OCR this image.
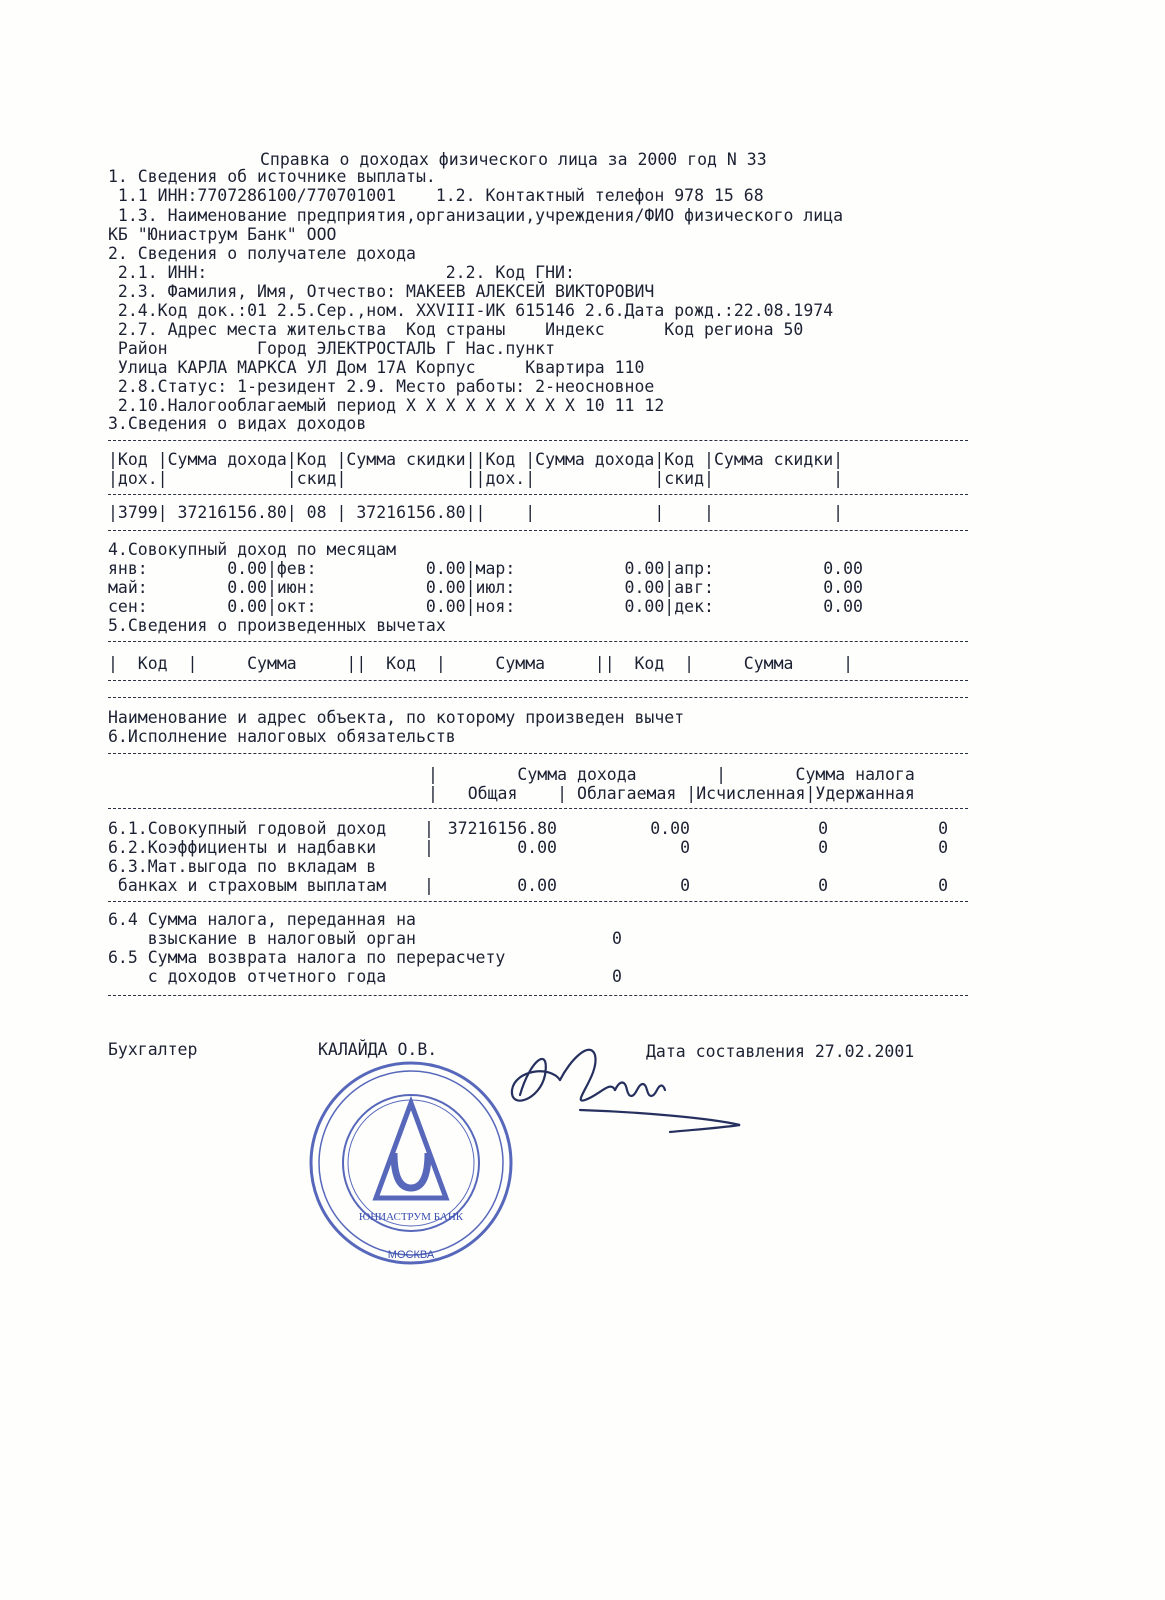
Справка о доходах физического лица за 2000 год N 33
1. Сведения об источнике выплаты.
1.1 ИНН:7707286100/770701001    1.2. Контактный телефон 978 15 68
1.3. Наименование предприятия,организации,учреждения/ФИО физического лица
КБ "Юниаструм Банк" ООО
2. Сведения о получателе дохода
2.1. ИНН:                        2.2. Код ГНИ:
2.3. Фамилия, Имя, Отчество: МАКЕЕВ АЛЕКСЕЙ ВИКТОРОВИЧ
2.4.Код док.:01 2.5.Сер.,ном. XXVIII-ИК 615146 2.6.Дата рожд.:22.08.1974
2.7. Адрес места жительства  Код страны    Индекс      Код региона 50
Район         Город ЭЛЕКТРОСТАЛЬ Г Нас.пункт
Улица КАРЛА МАРКСА УЛ Дом 17А Корпус     Квартира 110
2.8.Статус: 1-резидент 2.9. Место работы: 2-неосновное
2.10.Налогооблагаемый период X X X X X X X X X 10 11 12
3.Сведения о видах доходов
|Код |Сумма дохода|Код |Сумма скидки||Код |Сумма дохода|Код |Сумма скидки|
|дох.|            |скид|            ||дох.|            |скид|            |
|3799| 37216156.80| 08 | 37216156.80||    |            |    |            |
4.Совокупный доход по месяцам
янв:        0.00|фев:           0.00|мар:           0.00|апр:           0.00
май:        0.00|июн:           0.00|июл:           0.00|авг:           0.00
сен:        0.00|окт:           0.00|ноя:           0.00|дек:           0.00
5.Сведения о произведенных вычетах
|  Код  |     Сумма     ||  Код  |     Сумма     ||  Код  |     Сумма     |
Наименование и адрес объекта, по которому произведен вычет
6.Исполнение налоговых обязательств
|        Сумма дохода        |       Сумма налога
|   Общая    | Облагаемая |Исчисленная|Удержанная
6.1.Совокупный годовой доход | 37216156.80	0.00	0	0
6.2.Коэффициенты и надбавки |	0.00	0	0	0
6.3.Мат.выгода по вкладам в
банках и страховым выплатам |	0.00	0	0	0
6.4 Сумма налога, переданная на
взыскание в налоговый орган	0
6.5 Сумма возврата налога по перерасчету
с доходов отчетного года	0
Бухгалтер	КАЛАЙДА О.В.	Дата составления 27.02.2001
ЮНИАСТРУМ БАНК
МОСКВА
